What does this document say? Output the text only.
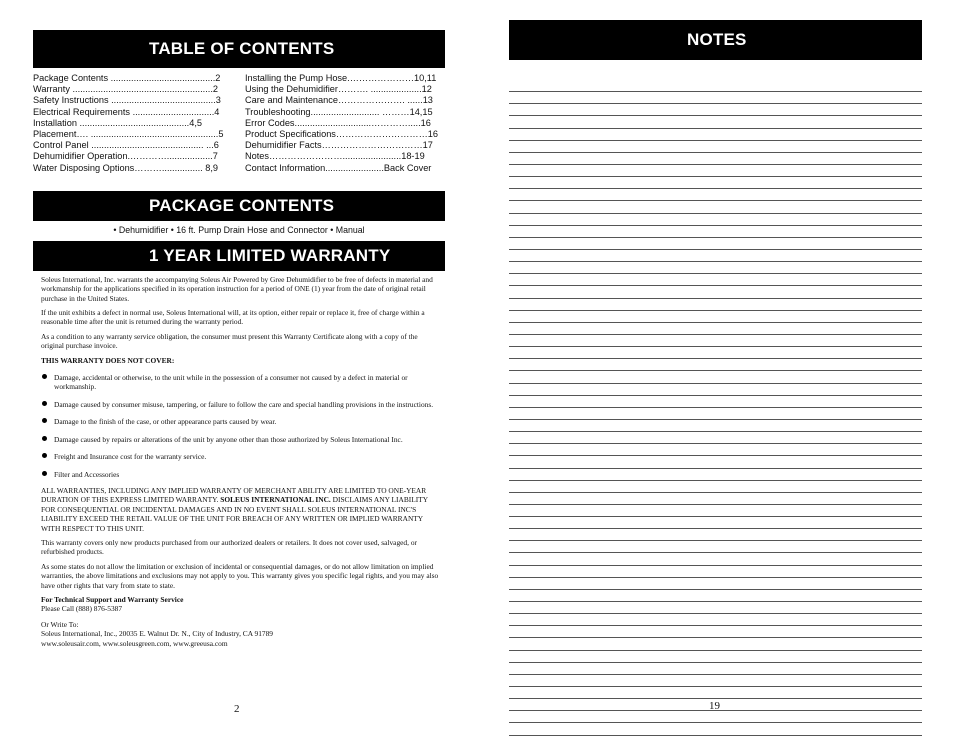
TABLE OF CONTENTS
Package Contents .........................................2
Warranty .......................................................2
Safety Instructions .........................................3
Electrical Requirements ................................4
Installation ...........................................4,5
Placement…. ..................................................5
Control Panel ............................................ ...6
Dehumidifier Operation.…………..................7
Water Disposing Options………................ 8,9
Installing the Pump Hose.…………………10,11
Using the Dehumidifier………. ....................12
Care and Maintenance…………………. ......13
Troubleshooting........................... ………14,15
Error Codes..............................………….....16
Product Specifications…………………………16
Dehumidifier Facts……………………………17
Notes…………………….......................18-19
Contact Information.......................Back Cover
PACKAGE CONTENTS
• Dehumidifier • 16 ft. Pump Drain Hose and Connector • Manual
1 YEAR LIMITED WARRANTY

Soleus International, Inc. warrants the accompanying Soleus Air Powered by Gree Dehumidifier to be free of defects in material and workmanship for the applications specified in its operation instruction for a period of ONE (1) year from the date of original retail purchase in the United States.

If the unit exhibits a defect in normal use, Soleus International will, at its option, either repair or replace it, free of charge within a reasonable time after the unit is returned during the warranty period.

As a condition to any warranty service obligation, the consumer must present this Warranty Certificate along with a copy of the original purchase invoice.

THIS WARRANTY DOES NOT COVER:

Damage, accidental or otherwise, to the unit while in the possession of a consumer not caused by a defect in material or workmanship.
Damage caused by consumer misuse, tampering, or failure to follow the care and special handling provisions in the instructions.
Damage to the finish of the case, or other appearance parts caused by wear.
Damage caused by repairs or alterations of the unit by anyone other than those authorized by Soleus International Inc.
Freight and Insurance cost for the warranty service.
Filter and Accessories

ALL WARRANTIES, INCLUDING ANY IMPLIED WARRANTY OF MERCHANT ABILITY ARE LIMITED TO ONE-YEAR DURATION OF THIS EXPRESS LIMITED WARRANTY. SOLEUS INTERNATIONAL INC. DISCLAIMS ANY LIABILITY FOR CONSEQUENTIAL OR INCIDENTAL DAMAGES AND IN NO EVENT SHALL SOLEUS INTERNATIONAL INC'S LIABILITY EXCEED THE RETAIL VALUE OF THE UNIT FOR BREACH OF ANY WRITTEN OR IMPLIED WARRANTY WITH RESPECT TO THIS UNIT.

This warranty covers only new products purchased from our authorized dealers or retailers. It does not cover used, salvaged, or refurbished products.

As some states do not allow the limitation or exclusion of incidental or consequential damages, or do not allow limitation on implied warranties, the above limitations and exclusions may not apply to you. This warranty gives you specific legal rights, and you may also have other rights that vary from state to state.

For Technical Support and Warranty Service
Please Call (888) 876-5387

Or Write To:
Soleus International, Inc., 20035 E. Walnut Dr. N., City of Industry, CA 91789
www.soleusair.com, www.soleusgreen.com, www.greeusa.com

2
NOTES
19
